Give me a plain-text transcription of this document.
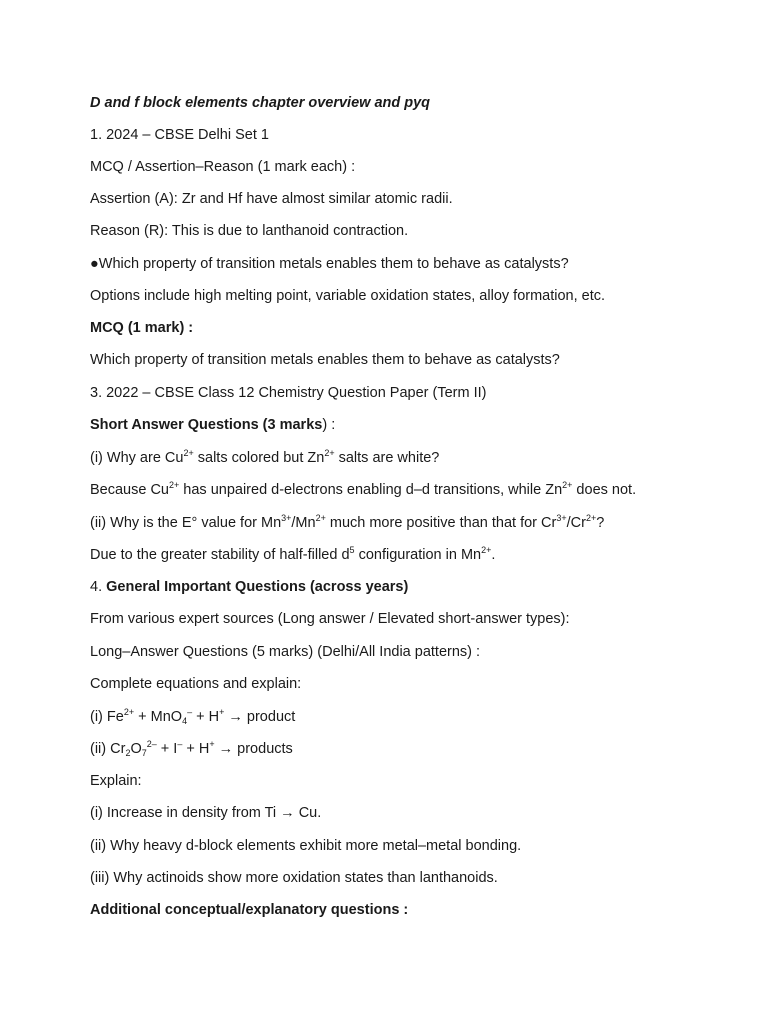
D and f block elements chapter overview and pyq

1. 2024 – CBSE Delhi Set 1

MCQ / Assertion–Reason (1 mark each) :

Assertion (A): Zr and Hf have almost similar atomic radii.

Reason (R): This is due to lanthanoid contraction.

●Which property of transition metals enables them to behave as catalysts?

Options include high melting point, variable oxidation states, alloy formation, etc.

MCQ (1 mark) :

Which property of transition metals enables them to behave as catalysts?

3. 2022 – CBSE Class 12 Chemistry Question Paper (Term II)

Short Answer Questions (3 marks) :

(i) Why are $Cu^{2+}$ salts colored but $Zn^{2+}$ salts are white?

Because $Cu^{2+}$ has unpaired d-electrons enabling d–d transitions, while $Zn^{2+}$ does not.

(ii) Why is the E° value for $Mn^{3+}/Mn^{2+}$ much more positive than that for $Cr^{3+}/Cr^{2+}$?

Due to the greater stability of half-filled $d^5$ configuration in $Mn^{2+}$.

4. General Important Questions (across years)

From various expert sources (Long answer / Elevated short-answer types):

Long–Answer Questions (5 marks) (Delhi/All India patterns) :

Complete equations and explain:

(i) $Fe^{2+} + MnO_4^- + H^+$ → product

(ii) $Cr_2O_7^{2-} + I^- + H^+$ → products

Explain:

(i) Increase in density from Ti → Cu.

(ii) Why heavy d-block elements exhibit more metal–metal bonding.

(iii) Why actinoids show more oxidation states than lanthanoids.

Additional conceptual/explanatory questions :
